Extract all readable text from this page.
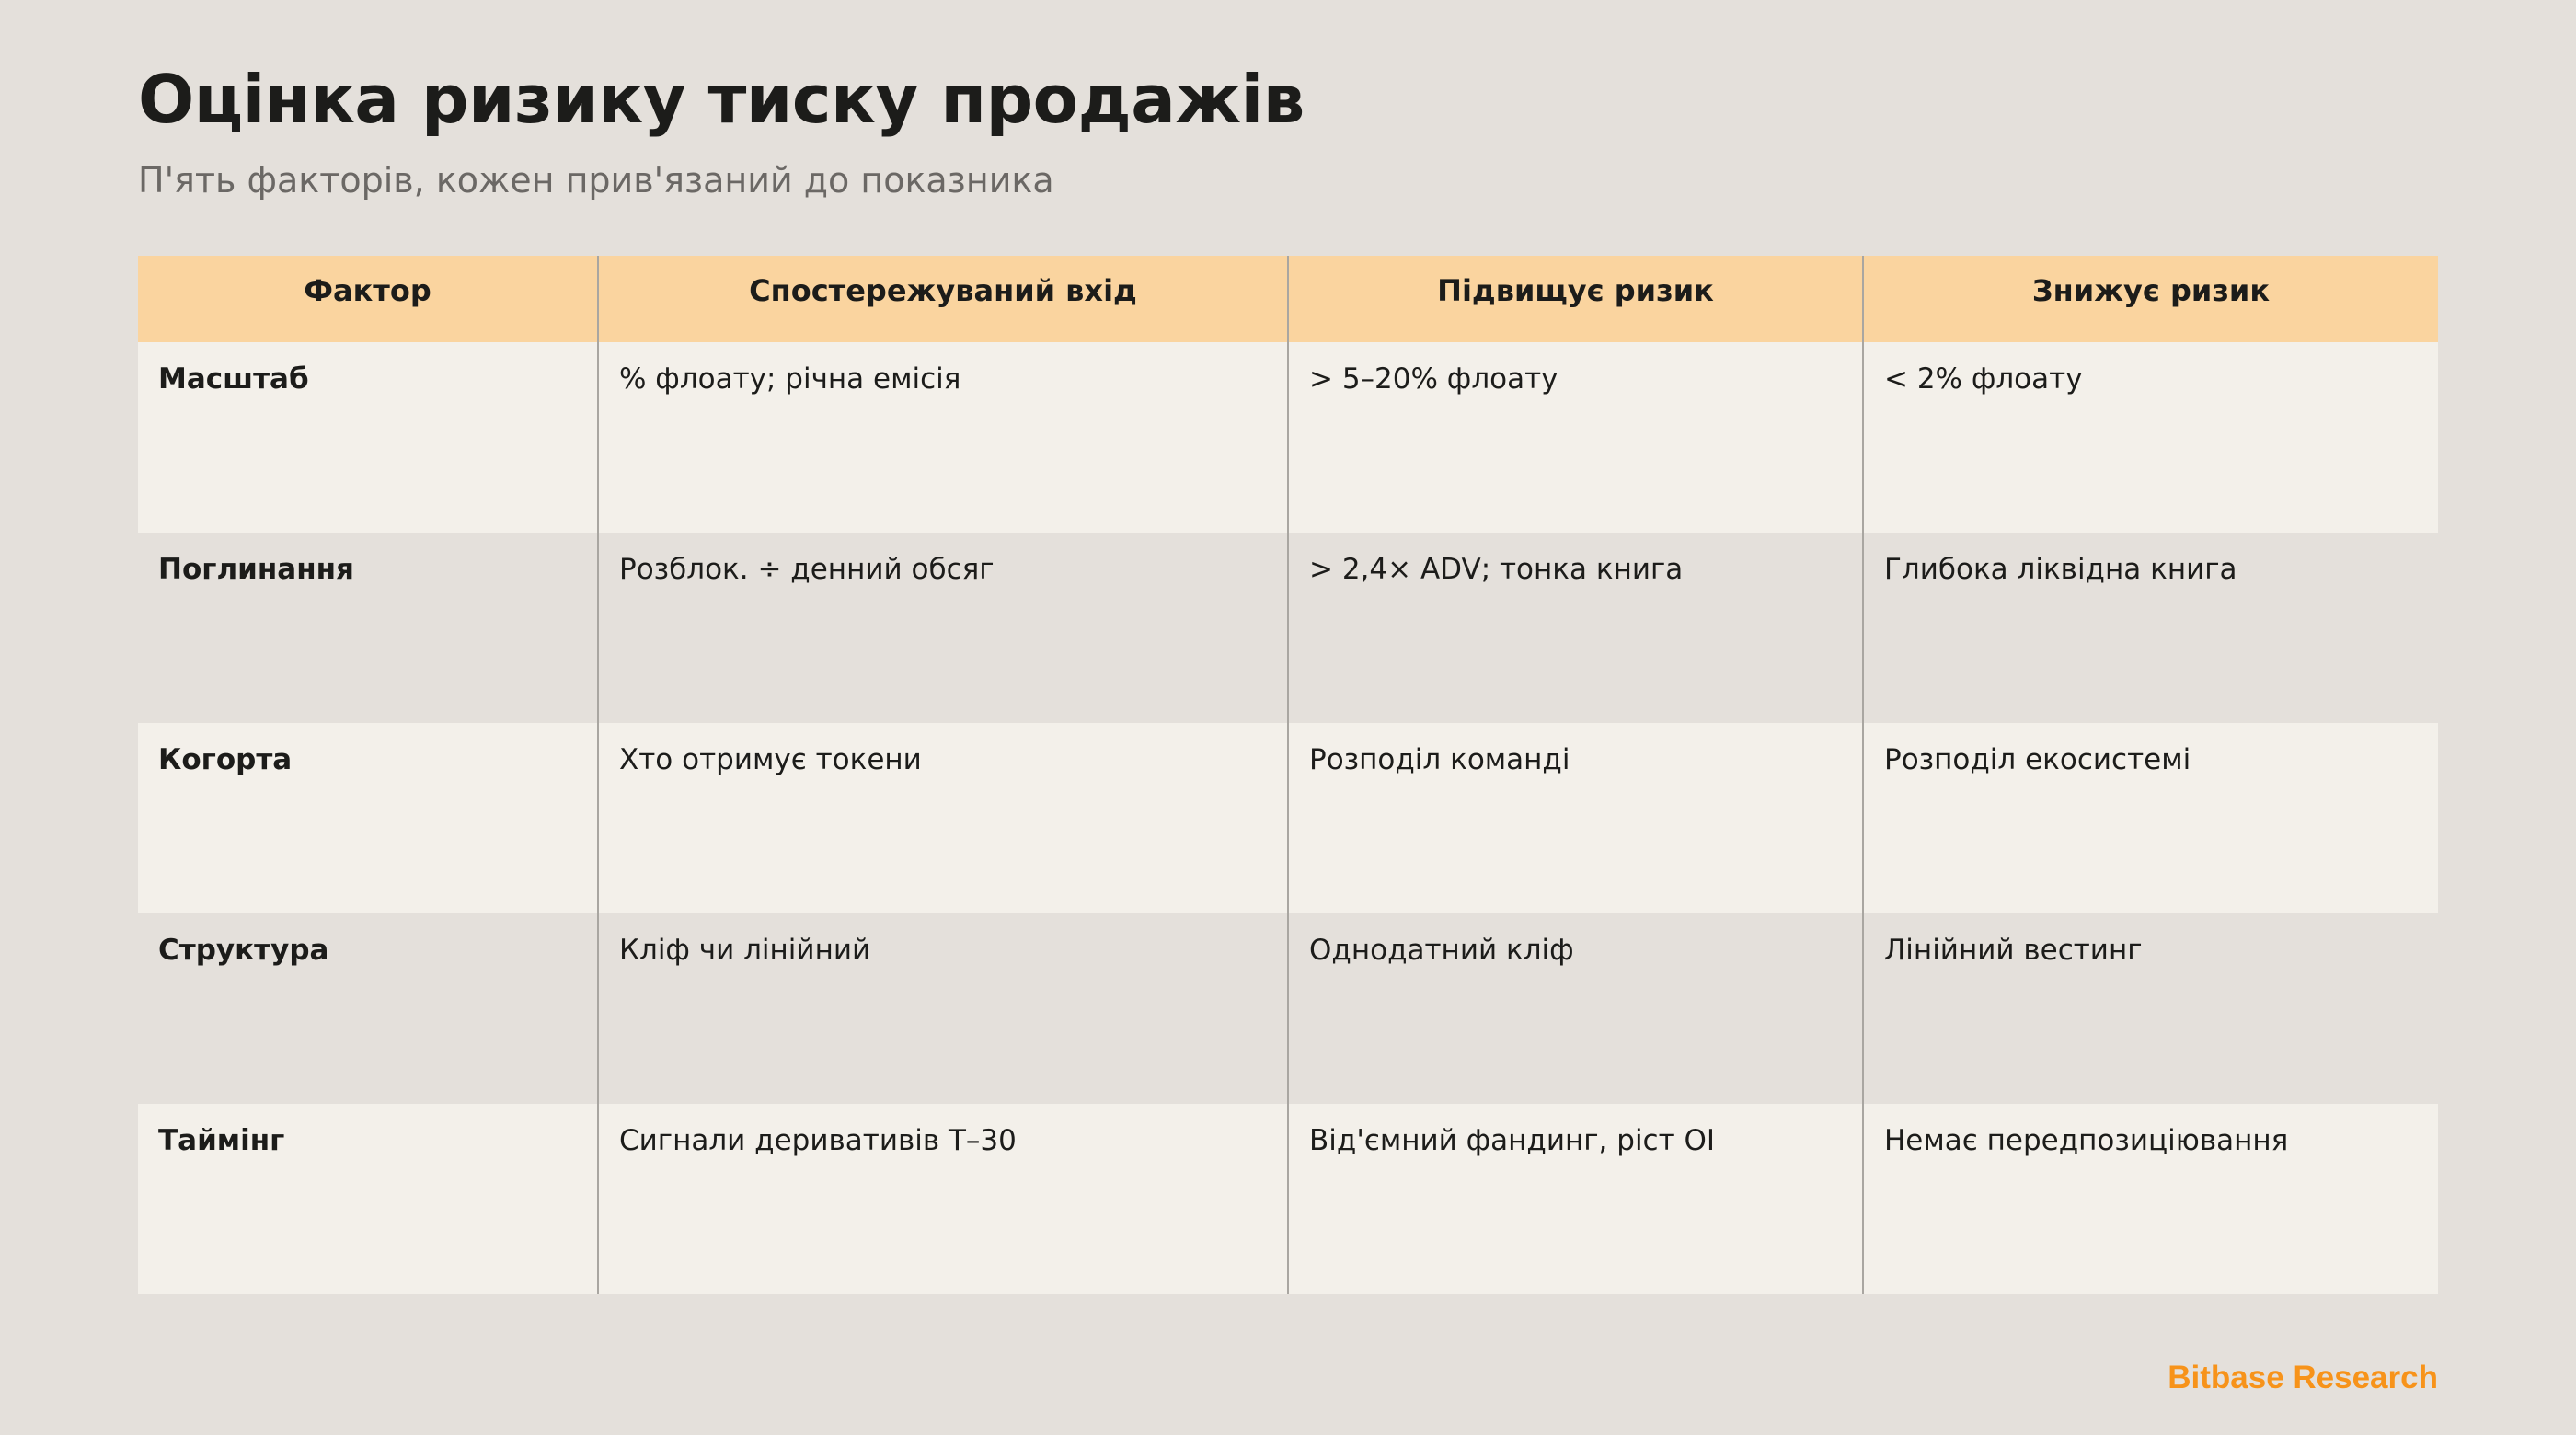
Оцінка ризику тиску продажів

П'ять факторів, кожен прив'язаний до показника

Фактор	Спостережуваний вхід	Підвищує ризик	Знижує ризик
Масштаб	% флоату; річна емісія	> 5–20% флоату	< 2% флоату
Поглинання	Розблок. ÷ денний обсяг	> 2,4× ADV; тонка книга	Глибока ліквідна книга
Когорта	Хто отримує токени	Розподіл команді	Розподіл екосистемі
Структура	Кліф чи лінійний	Однодатний кліф	Лінійний вестинг
Таймінг	Сигнали деривативів T–30	Від'ємний фандинг, ріст OI	Немає передпозиціювання
Bitbase Research
